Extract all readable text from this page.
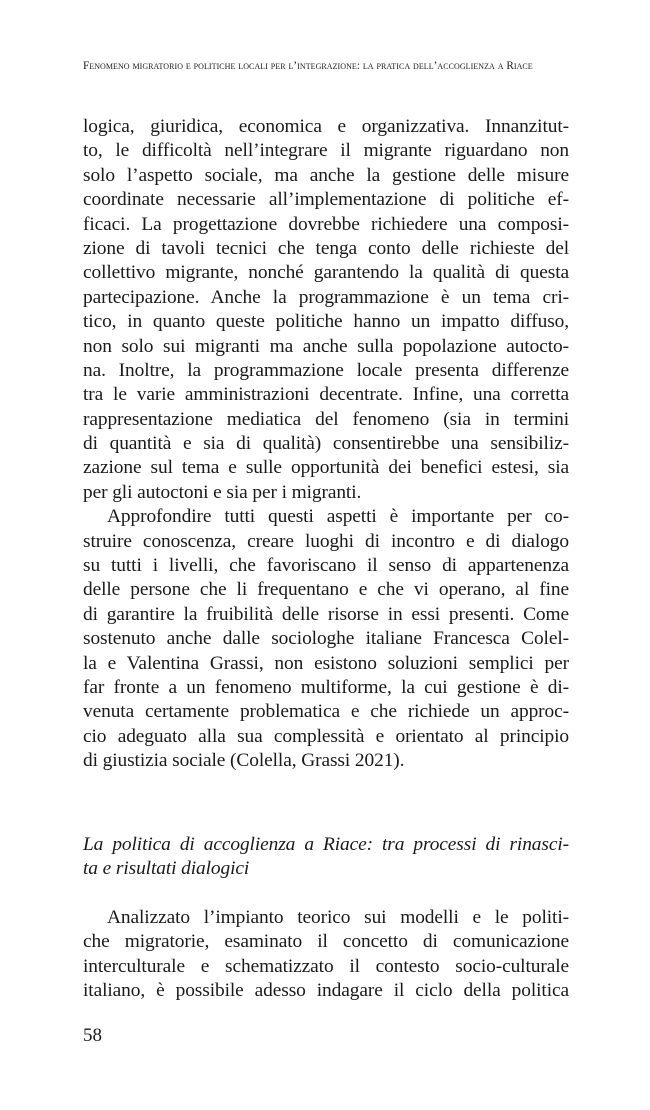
Fenomeno migratorio e politiche locali per l’integrazione: la pratica dell’accoglienza a Riace
logica, giuridica, economica e organizzativa. Innanzitut-
to, le difficoltà nell’integrare il migrante riguardano non
solo l’aspetto sociale, ma anche la gestione delle misure
coordinate necessarie all’implementazione di politiche ef-
ficaci. La progettazione dovrebbe richiedere una composi-
zione di tavoli tecnici che tenga conto delle richieste del
collettivo migrante, nonché garantendo la qualità di questa
partecipazione. Anche la programmazione è un tema cri-
tico, in quanto queste politiche hanno un impatto diffuso,
non solo sui migranti ma anche sulla popolazione autocto-
na. Inoltre, la programmazione locale presenta differenze
tra le varie amministrazioni decentrate. Infine, una corretta
rappresentazione mediatica del fenomeno (sia in termini
di quantità e sia di qualità) consentirebbe una sensibiliz-
zazione sul tema e sulle opportunità dei benefici estesi, sia
per gli autoctoni e sia per i migranti.
Approfondire tutti questi aspetti è importante per co-
struire conoscenza, creare luoghi di incontro e di dialogo
su tutti i livelli, che favoriscano il senso di appartenenza
delle persone che li frequentano e che vi operano, al fine
di garantire la fruibilità delle risorse in essi presenti. Come
sostenuto anche dalle sociologhe italiane Francesca Colel-
la e Valentina Grassi, non esistono soluzioni semplici per
far fronte a un fenomeno multiforme, la cui gestione è di-
venuta certamente problematica e che richiede un approc-
cio adeguato alla sua complessità e orientato al principio
di giustizia sociale (Colella, Grassi 2021).
La politica di accoglienza a Riace: tra processi di rinasci-
ta e risultati dialogici
Analizzato l’impianto teorico sui modelli e le politi-
che migratorie, esaminato il concetto di comunicazione
interculturale e schematizzato il contesto socio-culturale
italiano, è possibile adesso indagare il ciclo della politica
58
